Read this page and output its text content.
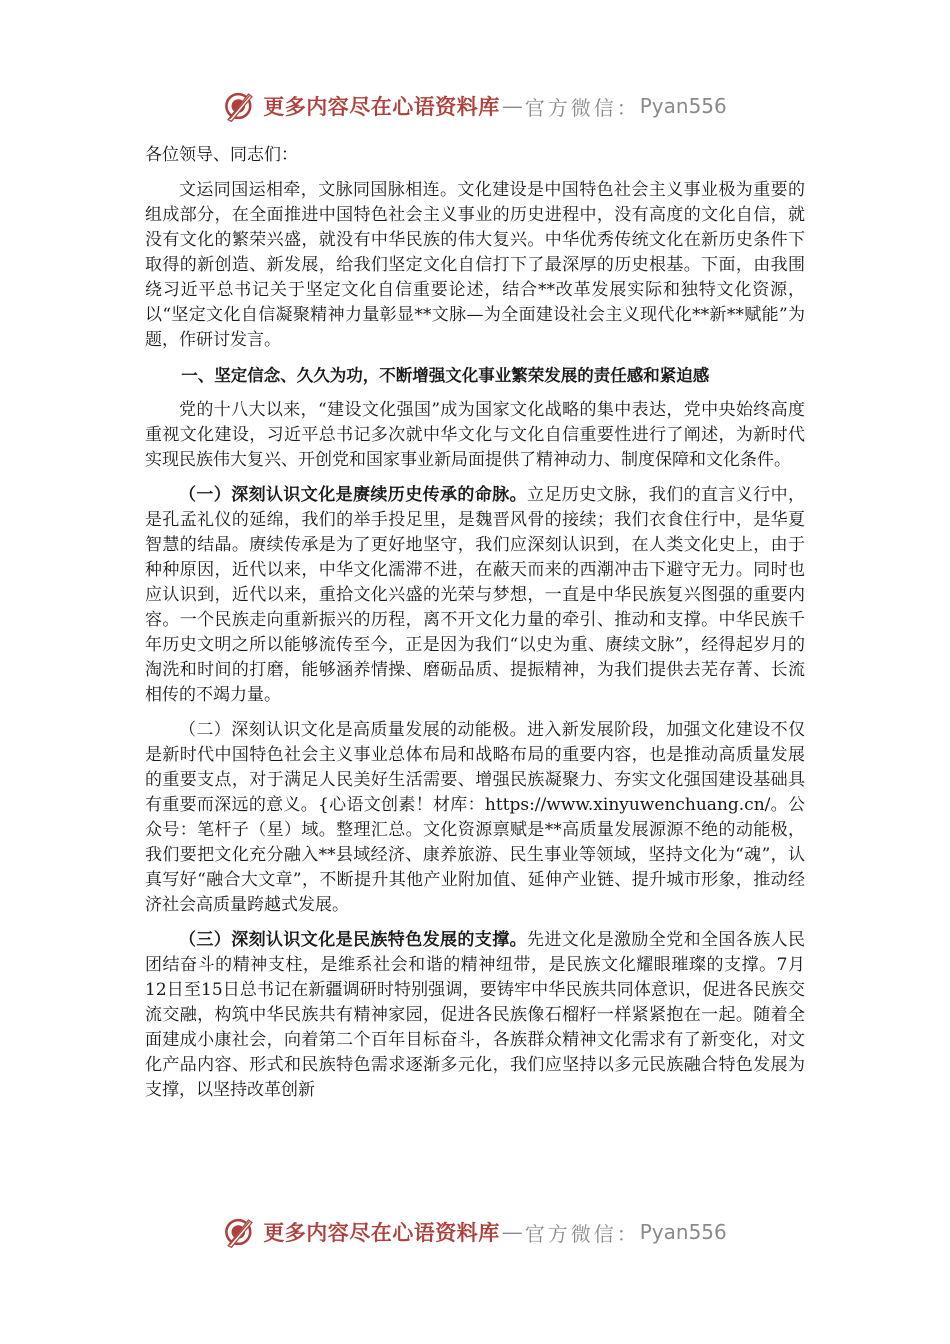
更多内容尽在心语资料库 — 官方微信： Pyan556
各位领导、同志们：

文运同国运相牵，文脉同国脉相连。文化建设是中国特色社会主义事业极为重要的组成部分，在全面推进中国特色社会主义事业的历史进程中，没有高度的文化自信，就没有文化的繁荣兴盛，就没有中华民族的伟大复兴。中华优秀传统文化在新历史条件下取得的新创造、新发展，给我们坚定文化自信打下了最深厚的历史根基。下面，由我围绕习近平总书记关于坚定文化自信重要论述，结合**改革发展实际和独特文化资源，以“坚定文化自信凝聚精神力量彰显**文脉—为全面建设社会主义现代化**新**赋能”为题，作研讨发言。

一、坚定信念、久久为功，不断增强文化事业繁荣发展的责任感和紧迫感

党的十八大以来，“建设文化强国”成为国家文化战略的集中表达，党中央始终高度重视文化建设，习近平总书记多次就中华文化与文化自信重要性进行了阐述，为新时代实现民族伟大复兴、开创党和国家事业新局面提供了精神动力、制度保障和文化条件。

（一）深刻认识文化是赓续历史传承的命脉。立足历史文脉，我们的直言义行中，是孔孟礼仪的延绵，我们的举手投足里，是魏晋风骨的接续；我们衣食住行中，是华夏智慧的结晶。赓续传承是为了更好地坚守，我们应深刻认识到，在人类文化史上，由于种种原因，近代以来，中华文化濡滞不进，在蔽天而来的西潮冲击下避守无力。同时也应认识到，近代以来，重拾文化兴盛的光荣与梦想，一直是中华民族复兴图强的重要内容。一个民族走向重新振兴的历程，离不开文化力量的牵引、推动和支撑。中华民族千年历史文明之所以能够流传至今，正是因为我们“以史为重、赓续文脉”，经得起岁月的淘洗和时间的打磨，能够涵养情操、磨砺品质、提振精神，为我们提供去芜存菁、长流相传的不竭力量。

（二）深刻认识文化是高质量发展的动能极。进入新发展阶段，加强文化建设不仅是新时代中国特色社会主义事业总体布局和战略布局的重要内容，也是推动高质量发展的重要支点，对于满足人民美好生活需要、增强民族凝聚力、夯实文化强国建设基础具有重要而深远的意义。{心语文创素！材库：https://www.xinyuwenchuang.cn/。公众号：笔杆子（星）域。整理汇总。文化资源禀赋是**高质量发展源源不绝的动能极，我们要把文化充分融入**县域经济、康养旅游、民生事业等领域，坚持文化为“魂”，认真写好“融合大文章”，不断提升其他产业附加值、延伸产业链、提升城市形象，推动经济社会高质量跨越式发展。

（三）深刻认识文化是民族特色发展的支撑。先进文化是激励全党和全国各族人民团结奋斗的精神支柱，是维系社会和谐的精神纽带，是民族文化耀眼璀璨的支撑。7月12日至15日总书记在新疆调研时特别强调，要铸牢中华民族共同体意识，促进各民族交流交融，构筑中华民族共有精神家园，促进各民族像石榴籽一样紧紧抱在一起。随着全面建成小康社会，向着第二个百年目标奋斗，各族群众精神文化需求有了新变化，对文化产品内容、形式和民族特色需求逐渐多元化，我们应坚持以多元民族融合特色发展为支撑，以坚持改革创新

更多内容尽在心语资料库 — 官方微信： Pyan556
